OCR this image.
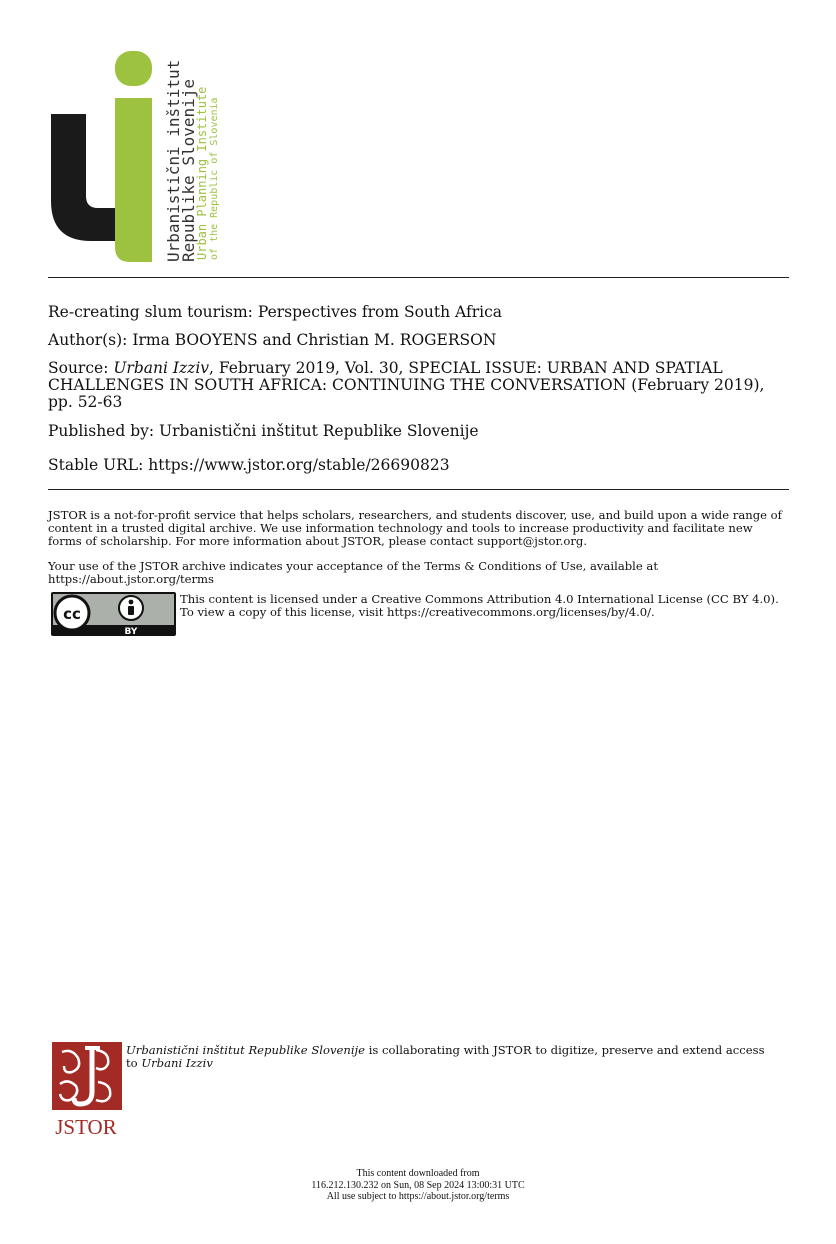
Urbanistični inštitut
Republike Slovenije
Urban Planning Institute of the Republic of Slovenia
Re-creating slum tourism: Perspectives from South Africa
Author(s): Irma BOOYENS and Christian M. ROGERSON
Source: Urbani Izziv, February 2019, Vol. 30, SPECIAL ISSUE: URBAN AND SPATIAL CHALLENGES IN SOUTH AFRICA: CONTINUING THE CONVERSATION (February 2019), pp. 52-63
Published by: Urbanistični inštitut Republike Slovenije
Stable URL: https://www.jstor.org/stable/26690823
JSTOR is a not-for-profit service that helps scholars, researchers, and students discover, use, and build upon a wide range of content in a trusted digital archive. We use information technology and tools to increase productivity and facilitate new forms of scholarship. For more information about JSTOR, please contact support@jstor.org.
Your use of the JSTOR archive indicates your acceptance of the Terms & Conditions of Use, available at https://about.jstor.org/terms
cc
BY
This content is licensed under a Creative Commons Attribution 4.0 International License (CC BY 4.0). To view a copy of this license, visit https://creativecommons.org/licenses/by/4.0/.
JSTOR
Urbanistični inštitut Republike Slovenije is collaborating with JSTOR to digitize, preserve and extend access to Urbani Izziv
This content downloaded from
116.212.130.232 on Sun, 08 Sep 2024 13:00:31 UTC
All use subject to https://about.jstor.org/terms
